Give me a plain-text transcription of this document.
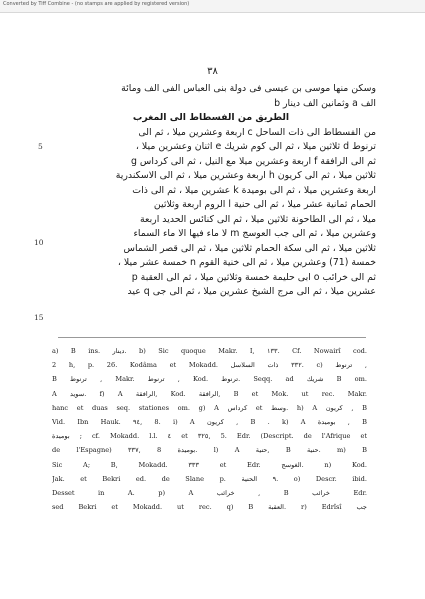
Converted by Tiff Combine - (no stamps are applied by registered version)
٣٨
وسكن منها موسى بن عيسى فى دولة بنى العباس الفى الف ومائة
الف a وثمانين الف دينار b
الطريق من الفسطاط الى المغرب
من الفسطاط الى ذات الساحل c اربعة وعشرين ميلا ، ثم الى
ترنوط d ثلاثين ميلا ، ثم الى كوم شريك e اثنان وعشرين ميلا ،
ثم الى الرافقة f اربعة وعشرين ميلا مع النيل ، ثم الى كرداس g
ثلاثين ميلا ، ثم الى كريون h اربعة وعشرين ميلا ، ثم الى الاسكندرية
اربعة وعشرين ميلا ، ثم الى بوميدة k عشرين ميلا ، ثم الى ذات
الحمام ثمانية عشر ميلا ، ثم الى حنية l الروم اربعة وثلاثين
ميلا ، ثم الى الطاحونة ثلاثين ميلا ، ثم الى كنائس الحديد اربعة
وعشرين ميلا ، ثم الى جب العوسج m لا ماء فيها الا ماء السماء
ثلاثين ميلا ، ثم الى سكة الحمام ثلاثين ميلا ، ثم الى قصر الشماس
خمسة (71) وعشرين ميلا ، ثم الى خنية القوم n خمسة عشر ميلا ،
ثم الى خرائب o ابى حليمة خمسة وثلاثين ميلا ، ثم الى العقبة p
عشرين ميلا ، ثم الى مرج الشيخ عشرين ميلا ، ثم الى جى q عيد
5
10
15
a) B ins. دينار. b) Sic quoque Makr. I, ١٣٣. Cf. Nowairî cod.
2 h, p. 26. Kodâma et Mokadd. ٣٣٢ ذات السلاسل. c) ترنوط ,
B ترنوط , Makr. ترنوط , Kod. ترنوط. Seqq. ad شريك B om.
A سويد. f) A الرافقة, Kod. الرافقة, B et Mok. ut rec. Makr.
hanc et duas seq. stationes om. g) A كرداس et وسط. h) A كريون , B
Vid. Ibn Hauk. ٩٤, 8. i) A كريون , B . k) A بوميدة , B
بوميدة ; cf. Mokadd. l.l. ٤ et ٣٢٥, 5. Edr. (Descript. de l'Afrique et
de l'Espagne) ٣٣٧, 8 بوميدة. l) A حنية, B حنية. m) B
Sic A; B, Mokadd. ٣٣٣ et Edr. الغوسج. n) Kod.
Jak. et Bekri ed. de Slane p. ٩ الحنية. o) Descr. ibid.
Desset in A. p) A خرائب , B خرائب Edr.
sed Bekri et Mokadd. ut rec. q) B العقبة. r) Edrîsî جب
